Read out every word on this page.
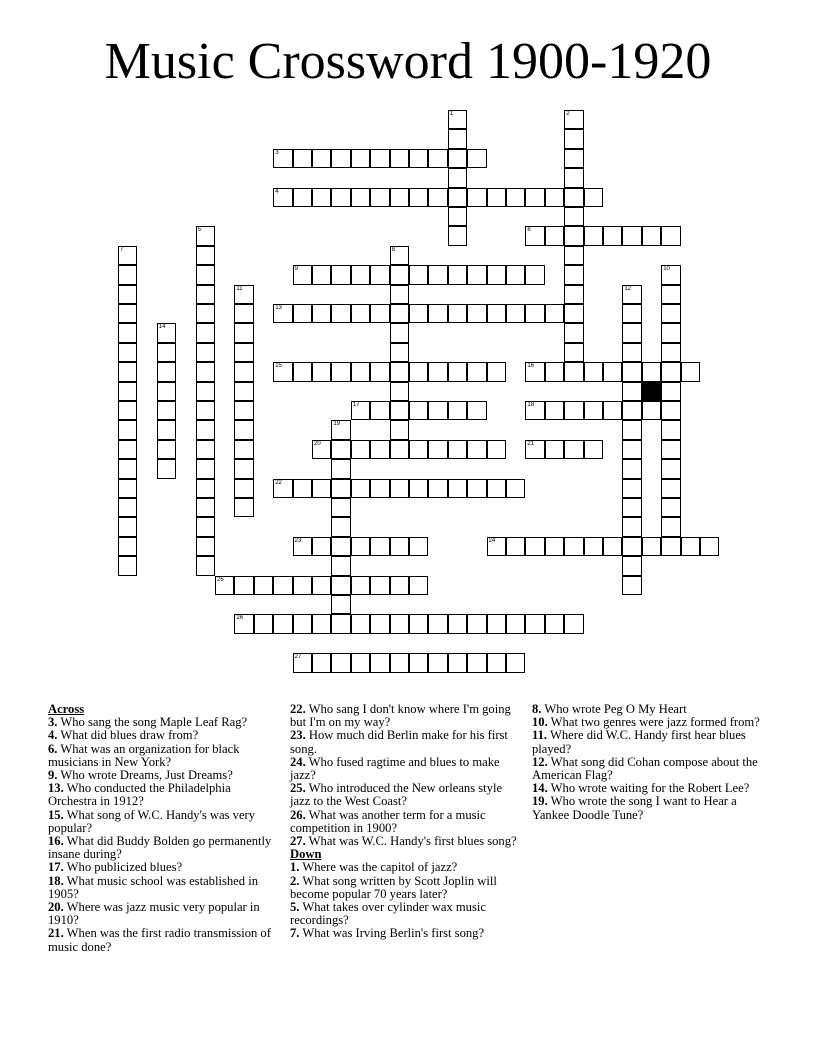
Music Crossword 1900-1920
3
4
6
9
13
15	16
17	18
20	21
22
23	24
25
26
27
1	2
5
7	8
10
11	12
14
19
Across
3. Who sang the song Maple Leaf Rag?
4. What did blues draw from?
6. What was an organization for black musicians in New York?
9. Who wrote Dreams, Just Dreams?
13. Who conducted the Philadelphia Orchestra in 1912?
15. What song of W.C. Handy's was very popular?
16. What did Buddy Bolden go permanently insane during?
17. Who publicized blues?
18. What music school was established in 1905?
20. Where was jazz music very popular in 1910?
21. When was the first radio transmission of music done?
22. Who sang I don't know where I'm going but I'm on my way?
23. How much did Berlin make for his first song.
24. Who fused ragtime and blues to make jazz?
25. Who introduced the New orleans style jazz to the West Coast?
26. What was another term for a music competition in 1900?
27. What was W.C. Handy's first blues song?
Down
1. Where was the capitol of jazz?
2. What song written by Scott Joplin will become popular 70 years later?
5. What takes over cylinder wax music recordings?
7. What was Irving Berlin's first song?
8. Who wrote Peg O My Heart
10. What two genres were jazz formed from?
11. Where did W.C. Handy first hear blues played?
12. What song did Cohan compose about the American Flag?
14. Who wrote waiting for the Robert Lee?
19. Who wrote the song I want to Hear a Yankee Doodle Tune?
